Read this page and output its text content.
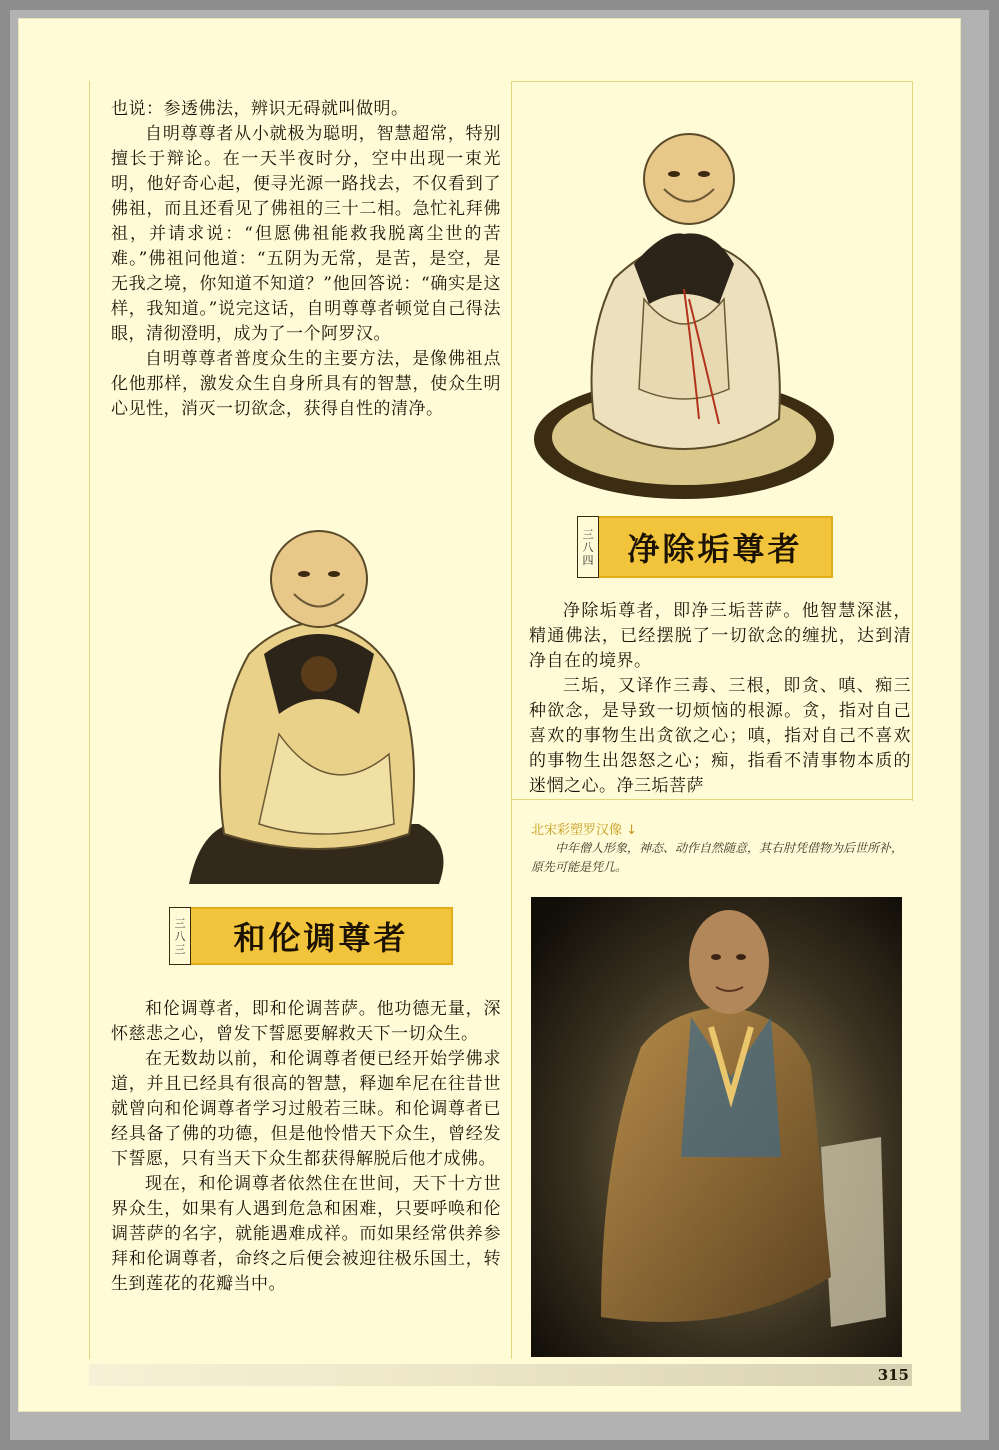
也说：参透佛法，辨识无碍就叫做明。

自明尊尊者从小就极为聪明，智慧超常，特别擅长于辩论。在一天半夜时分，空中出现一束光明，他好奇心起，便寻光源一路找去，不仅看到了佛祖，而且还看见了佛祖的三十二相。急忙礼拜佛祖，并请求说：“但愿佛祖能救我脱离尘世的苦难。”佛祖问他道：“五阴为无常，是苦，是空，是无我之境，你知道不知道？”他回答说：“确实是这样，我知道。”说完这话，自明尊尊者顿觉自己得法眼，清彻澄明，成为了一个阿罗汉。

自明尊尊者普度众生的主要方法，是像佛祖点化他那样，激发众生自身所具有的智慧，使众生明心见性，消灭一切欲念，获得自性的清净。

三
八
四	净除垢尊者

净除垢尊者，即净三垢菩萨。他智慧深湛，精通佛法，已经摆脱了一切欲念的缠扰，达到清净自在的境界。

三垢，又译作三毒、三根，即贪、嗔、痴三种欲念，是导致一切烦恼的根源。贪，指对自己喜欢的事物生出贪欲之心；嗔，指对自己不喜欢的事物生出怨怒之心；痴，指看不清事物本质的迷惘之心。净三垢菩萨

三
八
三	和伦调尊者

和伦调尊者，即和伦调菩萨。他功德无量，深怀慈悲之心，曾发下誓愿要解救天下一切众生。

在无数劫以前，和伦调尊者便已经开始学佛求道，并且已经具有很高的智慧，释迦牟尼在往昔世就曾向和伦调尊者学习过般若三昧。和伦调尊者已经具备了佛的功德，但是他怜惜天下众生，曾经发下誓愿，只有当天下众生都获得解脱后他才成佛。

现在，和伦调尊者依然住在世间，天下十方世界众生，如果有人遇到危急和困难，只要呼唤和伦调菩萨的名字，就能遇难成祥。而如果经常供养参拜和伦调尊者，命终之后便会被迎往极乐国土，转生到莲花的花瓣当中。

北宋彩塑罗汉像 ↓
中年僧人形象，神态、动作自然随意，其右肘凭借物为后世所补，原先可能是凭几。
315
